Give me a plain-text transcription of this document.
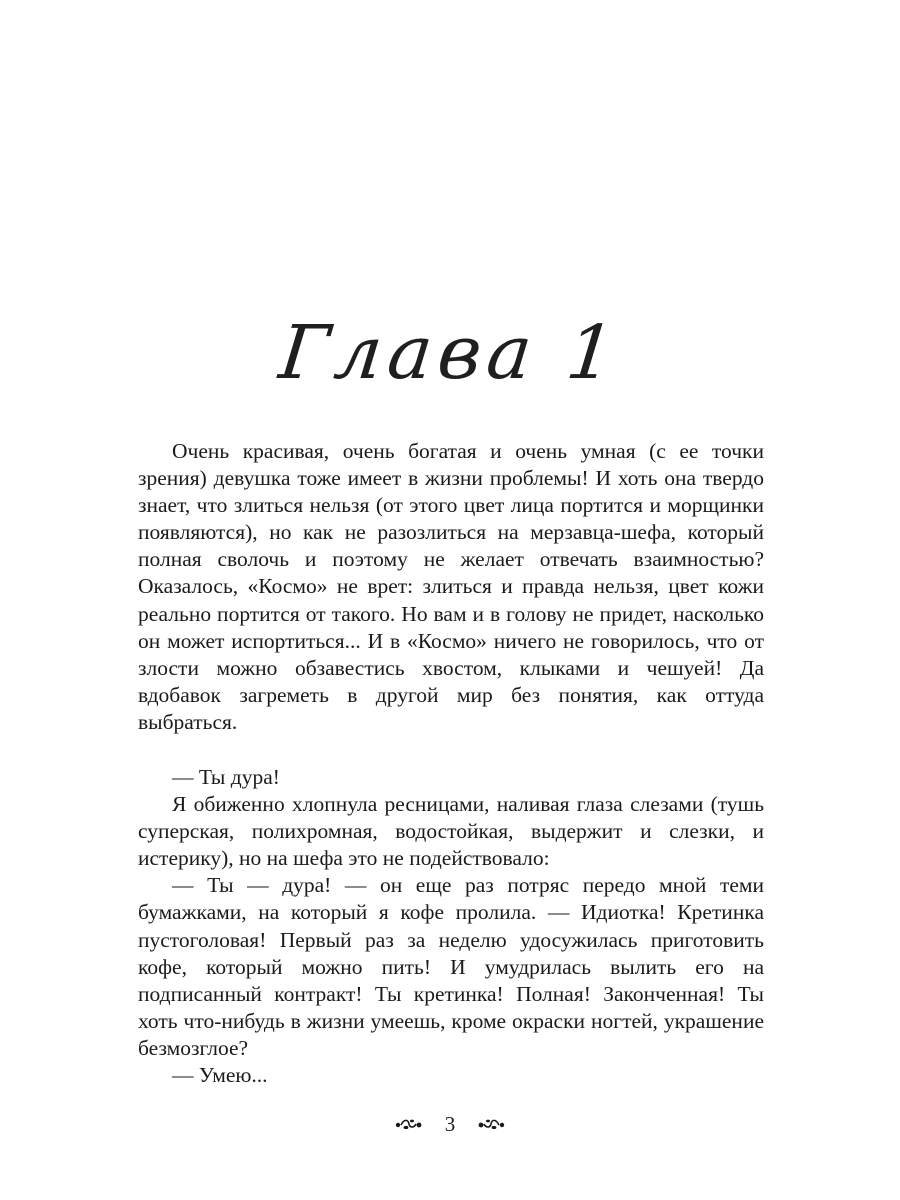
Глава 1

Очень красивая, очень богатая и очень умная (с ее точки зрения) девушка тоже имеет в жизни проблемы! И хоть она твердо знает, что злиться нельзя (от этого цвет лица портится и морщинки появляются), но как не разозлиться на мерзавца-шефа, который полная сволочь и поэтому не желает отвечать взаимностью? Оказалось, «Космо» не врет: злиться и правда нельзя, цвет кожи реально портится от такого. Но вам и в голову не придет, насколько он может испортиться... И в «Космо» ничего не говорилось, что от злости можно обзавестись хвостом, клыками и чешуей! Да вдобавок загреметь в другой мир без понятия, как оттуда выбраться.

— Ты дура!

Я обиженно хлопнула ресницами, наливая глаза слезами (тушь суперская, полихромная, водостойкая, выдержит и слезки, и истерику), но на шефа это не подействовало:

— Ты — дура! — он еще раз потряс передо мной теми бумажками, на который я кофе пролила. — Идиотка! Кретинка пустоголовая! Первый раз за неделю удосужилась приготовить кофе, который можно пить! И умудрилась вылить его на подписанный контракт! Ты кретинка! Полная! Законченная! Ты хоть что-нибудь в жизни умеешь, кроме окраски ногтей, украшение безмозглое?

— Умею...

3
